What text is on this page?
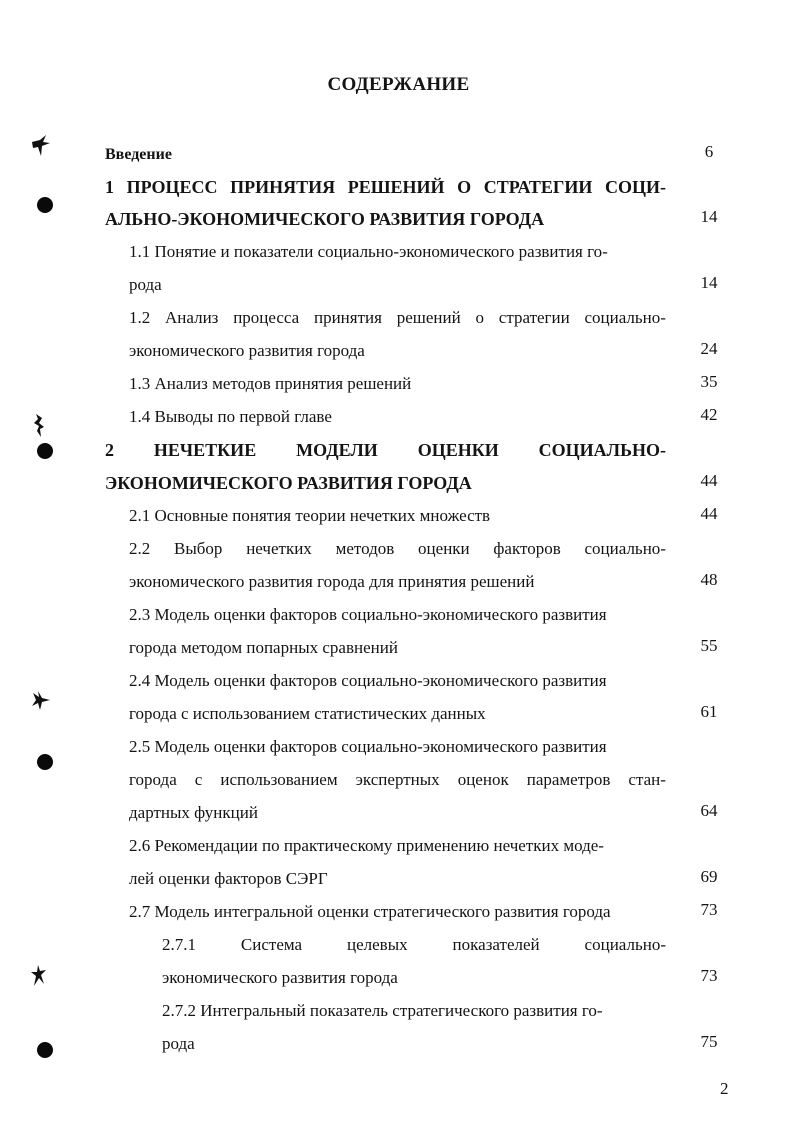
СОДЕРЖАНИЕ
Введение	6
1 ПРОЦЕСС ПРИНЯТИЯ РЕШЕНИЙ О СТРАТЕГИИ СОЦИ-
АЛЬНО-ЭКОНОМИЧЕСКОГО РАЗВИТИЯ ГОРОДА	14
1.1 Понятие и показатели социально-экономического развития го-
рода	14
1.2 Анализ процесса принятия решений о стратегии социально-
экономического развития города	24
1.3 Анализ методов принятия решений	35
1.4 Выводы по первой главе	42
2 НЕЧЕТКИЕ МОДЕЛИ ОЦЕНКИ СОЦИАЛЬНО-
ЭКОНОМИЧЕСКОГО РАЗВИТИЯ ГОРОДА	44
2.1 Основные понятия теории нечетких множеств	44
2.2 Выбор нечетких методов оценки факторов социально-
экономического развития города для принятия решений	48
2.3 Модель оценки факторов социально-экономического развития
города методом попарных сравнений	55
2.4 Модель оценки факторов социально-экономического развития
города с использованием статистических данных	61
2.5 Модель оценки факторов социально-экономического развития
города с использованием экспертных оценок параметров стан-
дартных функций	64
2.6 Рекомендации по практическому применению нечетких моде-
лей оценки факторов СЭРГ	69
2.7 Модель интегральной оценки стратегического развития города	73
2.7.1	Система	целевых	показателей	социально-
экономического развития города	73
2.7.2 Интегральный показатель стратегического развития го-
рода	75
2
